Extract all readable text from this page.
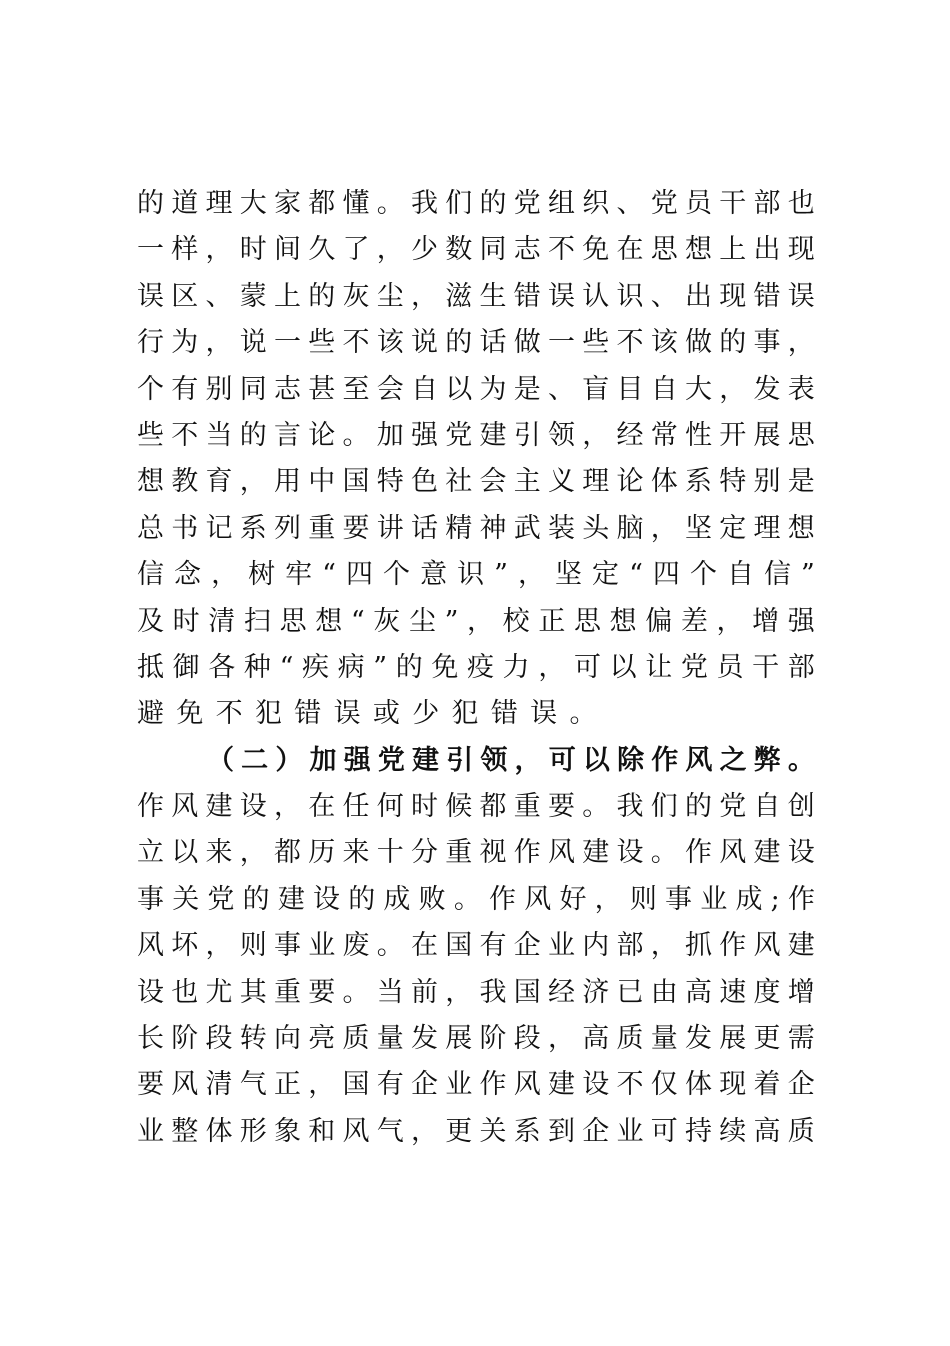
的 道 理 大 家 都 懂 。 我 们 的 党 组 织 、 党 员 干 部 也
一 样 ， 时 间 久 了 ， 少 数 同 志 不 免 在 思 想 上 出 现
误 区 、 蒙 上 的 灰 尘 ， 滋 生 错 误 认 识 、 出 现 错 误
行 为 ， 说 一 些 不 该 说 的 话 做 一 些 不 该 做 的 事 ，
个 有 别 同 志 甚 至 会 自 以 为 是 、 盲 目 自 大 ， 发 表
些 不 当 的 言 论 。 加 强 党 建 引 领 ， 经 常 性 开 展 思
想 教 育 ， 用 中 国 特 色 社 会 主 义 理 论 体 系 特 别 是
总 书 记 系 列 重 要 讲 话 精 神 武 装 头 脑 ， 坚 定 理 想
信 念 ， 树 牢 “ 四 个 意 识 ” ， 坚 定 “ 四 个 自 信 ”
及 时 清 扫 思 想 “ 灰 尘 ” ， 校 正 思 想 偏 差 ， 增 强
抵 御 各 种 “ 疾 病 ” 的 免 疫 力 ， 可 以 让 党 员 干 部
避 免 不 犯 错 误 或 少 犯 错 误 。
（ 二 ） 加 强 党 建 引 领 ， 可 以 除 作 风 之 弊 。
作 风 建 设 ， 在 任 何 时 候 都 重 要 。 我 们 的 党 自 创
立 以 来 ， 都 历 来 十 分 重 视 作 风 建 设 。 作 风 建 设
事 关 党 的 建 设 的 成 败 。 作 风 好 ， 则 事 业 成 ; 作
风 坏 ， 则 事 业 废 。 在 国 有 企 业 内 部 ， 抓 作 风 建
设 也 尤 其 重 要 。 当 前 ， 我 国 经 济 已 由 高 速 度 增
长 阶 段 转 向 亮 质 量 发 展 阶 段 ， 高 质 量 发 展 更 需
要 风 清 气 正 ， 国 有 企 业 作 风 建 设 不 仅 体 现 着 企
业 整 体 形 象 和 风 气 ， 更 关 系 到 企 业 可 持 续 高 质
